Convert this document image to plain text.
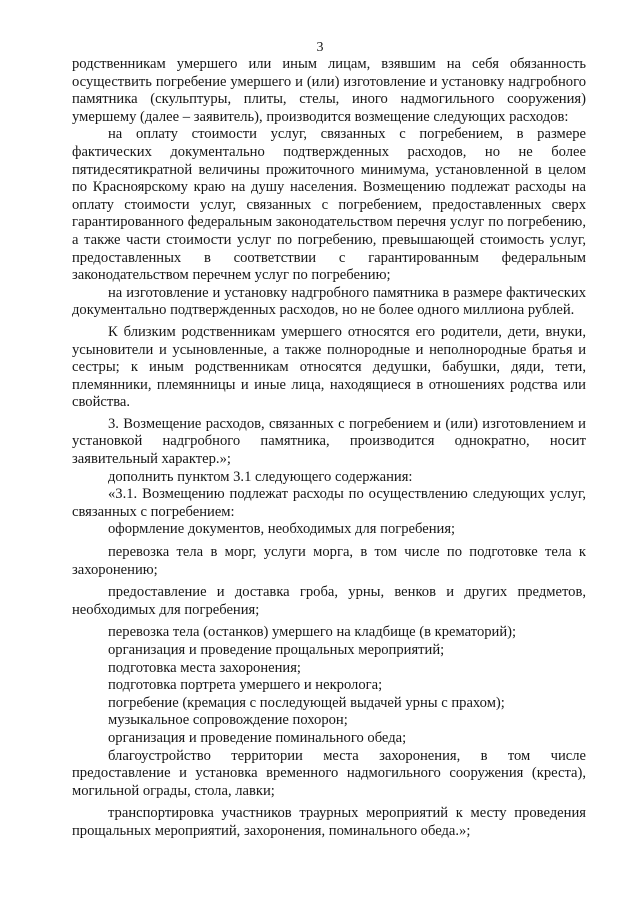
3

родственникам умершего или иным лицам, взявшим на себя обязанность осуществить погребение умершего и (или) изготовление и установку надгробного памятника (скульптуры, плиты, стелы, иного надмогильного сооружения) умершему (далее – заявитель), производится возмещение следующих расходов:

на оплату стоимости услуг, связанных с погребением, в размере фактических документально подтвержденных расходов, но не более пятидесятикратной величины прожиточного минимума, установленной в целом по Красноярскому краю на душу населения. Возмещению подлежат расходы на оплату стоимости услуг, связанных с погребением, предоставленных сверх гарантированного федеральным законодательством перечня услуг по погребению, а также части стоимости услуг по погребению, превышающей стоимость услуг, предоставленных в соответствии с гарантированным федеральным законодательством перечнем услуг по погребению;

на изготовление и установку надгробного памятника в размере фактических документально подтвержденных расходов, но не более одного миллиона рублей.

К близким родственникам умершего относятся его родители, дети, внуки, усыновители и усыновленные, а также полнородные и неполнородные братья и сестры; к иным родственникам относятся дедушки, бабушки, дяди, тети, племянники, племянницы и иные лица, находящиеся в отношениях родства или свойства.

3. Возмещение расходов, связанных с погребением и (или) изготовлением и установкой надгробного памятника, производится однократно, носит заявительный характер.»;

дополнить пунктом 3.1 следующего содержания:

«3.1. Возмещению подлежат расходы по осуществлению следующих услуг, связанных с погребением:

оформление документов, необходимых для погребения;

перевозка тела в морг, услуги морга, в том числе по подготовке тела к захоронению;

предоставление и доставка гроба, урны, венков и других предметов, необходимых для погребения;

перевозка тела (останков) умершего на кладбище (в крематорий);

организация и проведение прощальных мероприятий;

подготовка места захоронения;

подготовка портрета умершего и некролога;

погребение (кремация с последующей выдачей урны с прахом);

музыкальное сопровождение похорон;

организация и проведение поминального обеда;

благоустройство территории места захоронения, в том числе предоставление и установка временного надмогильного сооружения (креста), могильной ограды, стола, лавки;

транспортировка участников траурных мероприятий к месту проведения прощальных мероприятий, захоронения, поминального обеда.»;
